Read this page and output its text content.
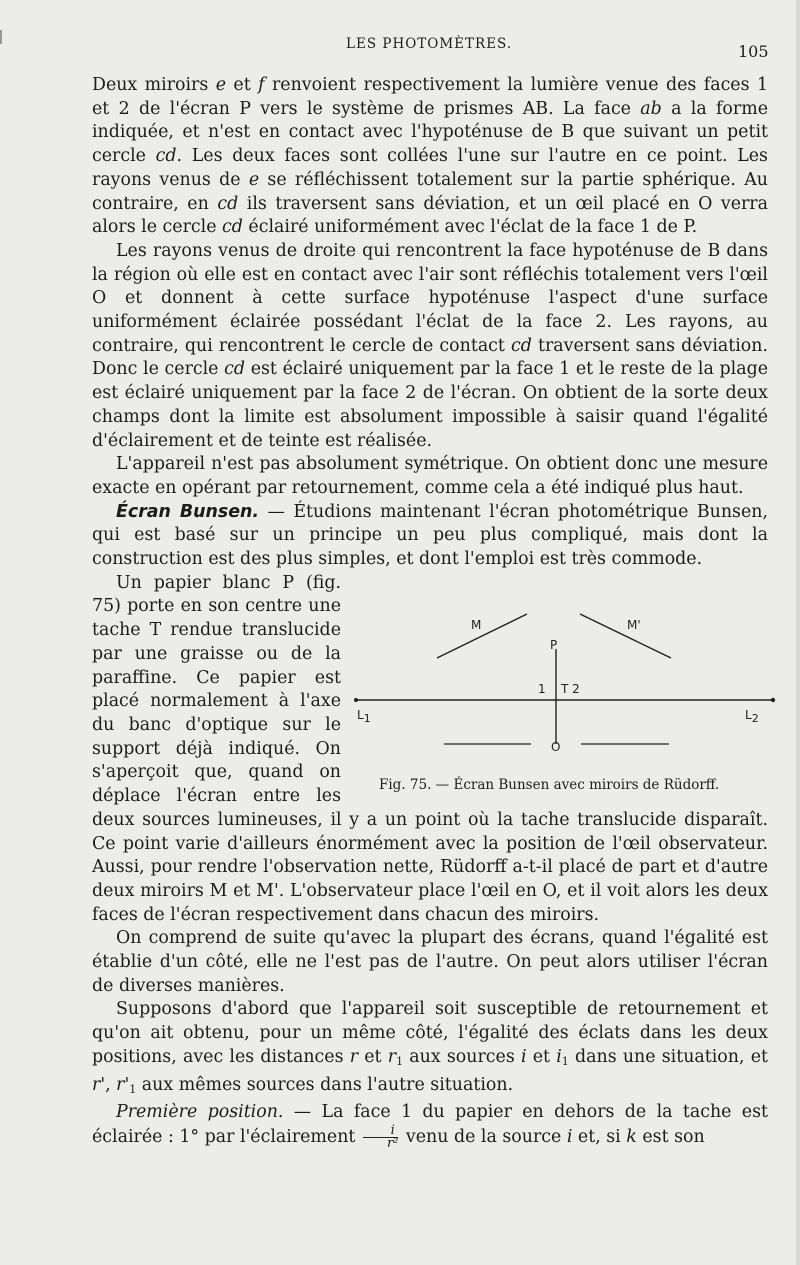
LES PHOTOMÈTRES.	105

Deux miroirs e et f renvoient respectivement la lumière venue des faces 1 et 2 de l'écran P vers le système de prismes AB. La face ab a la forme indiquée, et n'est en contact avec l'hypoténuse de B que suivant un petit cercle cd. Les deux faces sont collées l'une sur l'autre en ce point. Les rayons venus de e se réfléchissent totalement sur la partie sphérique. Au contraire, en cd ils traversent sans déviation, et un œil placé en O verra alors le cercle cd éclairé uniformément avec l'éclat de la face 1 de P.

Les rayons venus de droite qui rencontrent la face hypoténuse de B dans la région où elle est en contact avec l'air sont réfléchis totalement vers l'œil O et donnent à cette surface hypoténuse l'aspect d'une surface uniformément éclairée possédant l'éclat de la face 2. Les rayons, au contraire, qui rencontrent le cercle de contact cd traversent sans déviation. Donc le cercle cd est éclairé uniquement par la face 1 et le reste de la plage est éclairé uniquement par la face 2 de l'écran. On obtient de la sorte deux champs dont la limite est absolument impossible à saisir quand l'égalité d'éclairement et de teinte est réalisée.

L'appareil n'est pas absolument symétrique. On obtient donc une mesure exacte en opérant par retournement, comme cela a été indiqué plus haut.

Écran Bunsen. — Étudions maintenant l'écran photométrique Bunsen, qui est basé sur un principe un peu plus compliqué, mais dont la construction est des plus simples, et dont l'emploi est très commode.

M	M'
P
1 T 2
L1	L2
O
Fig. 75. — Écran Bunsen avec miroirs de Rüdorff.

Un papier blanc P (fig. 75) porte en son centre une tache T rendue translucide par une graisse ou de la paraffine. Ce papier est placé normalement à l'axe du banc d'optique sur le support déjà indiqué. On s'aperçoit que, quand on déplace l'écran entre les deux sources lumineuses, il y a un point où la tache translucide disparaît. Ce point varie d'ailleurs énormément avec la position de l'œil observateur. Aussi, pour rendre l'observation nette, Rüdorff a-t-il placé de part et d'autre deux miroirs M et M'. L'observateur place l'œil en O, et il voit alors les deux faces de l'écran respectivement dans chacun des miroirs.

On comprend de suite qu'avec la plupart des écrans, quand l'égalité est établie d'un côté, elle ne l'est pas de l'autre. On peut alors utiliser l'écran de diverses manières.

Supposons d'abord que l'appareil soit susceptible de retournement et qu'on ait obtenu, pour un même côté, l'égalité des éclats dans les deux positions, avec les distances r et $r_1$ aux sources i et $i_1$ dans une situation, et r', $r'_1$ aux mêmes sources dans l'autre situation.

Première position. — La face 1 du papier en dehors de la tache est éclairée : 1° par l'éclairement $\frac{i}{\text{r²}}$ venu de la source i et, si k est son
